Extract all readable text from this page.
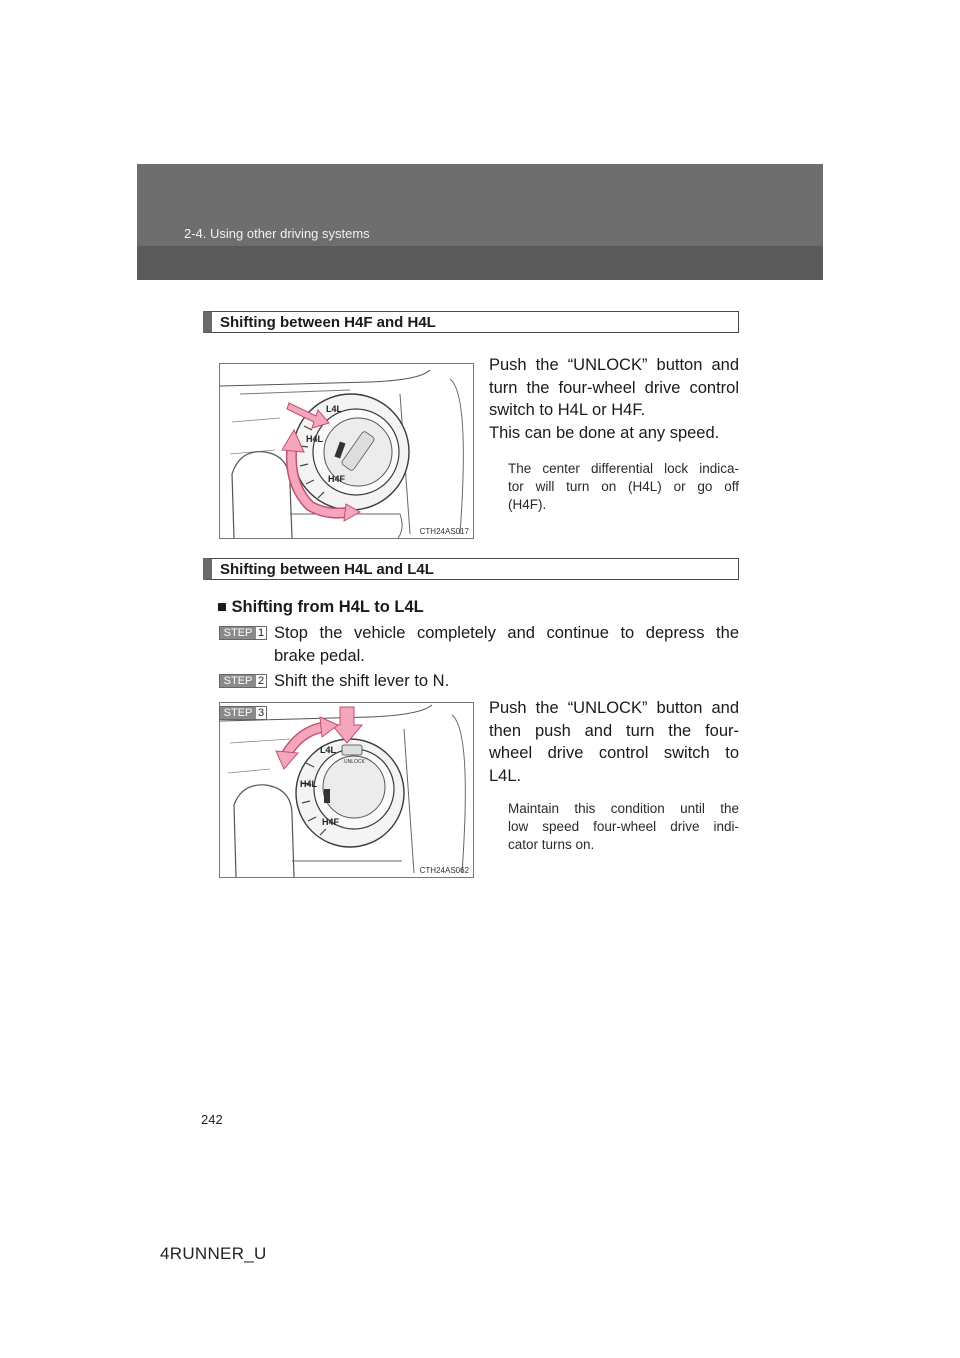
2-4. Using other driving systems
Shifting between H4F and H4L
L4L
H4L
H4F
CTH24AS017
Push the “UNLOCK” button and
turn the four-wheel drive control
switch to H4L or H4F.
This can be done at any speed.
The center differential lock indica-
tor will turn on (H4L) or go off
(H4F).
Shifting between H4L and L4L
■ Shifting from H4L to L4L
STEP 1 Stop the vehicle completely and continue to depress the
brake pedal.
STEP 2 Shift the shift lever to N.
L4L
H4L
H4F
UNLOCK
CTH24AS062
STEP 3	Push the “UNLOCK” button and
then push and turn the four-
wheel drive control switch to
L4L.
Maintain this condition until the
low speed four-wheel drive indi-
cator turns on.
242
4RUNNER_U
